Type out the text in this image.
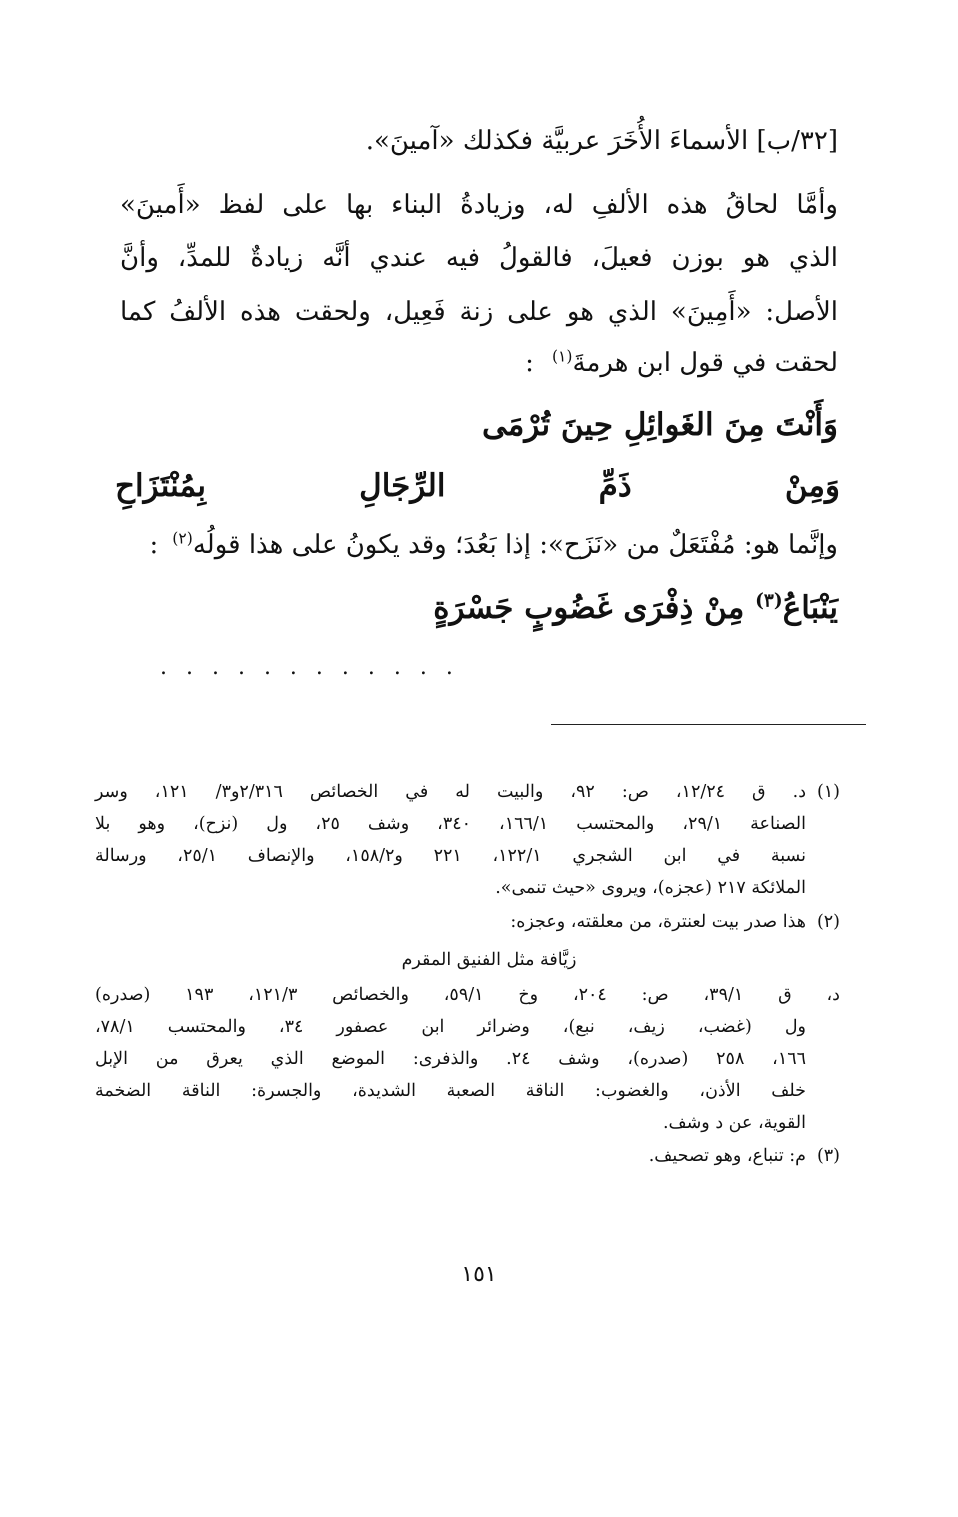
[٣٢/ب] الأسماءَ الأُخَرَ عربيَّة فكذلك «آمينَ».
وأمَّا لحاقُ هذه الألفِ له، وزيادةُ البناء بها على لفظ «أَمينَ»
الذي هو بوزن فعيلَ، فالقولُ فيه عندي أنَّه زيادةٌ للمدِّ، وأنَّ
الأصل: «أَمِينَ» الذي هو على زنة فَعِيل، ولحقت هذه الألفُ كما
لحقت في قول ابن هرمةَ$^{(١)}$:
وَأَنْتَ مِنَ الغَوائِلِ حِينَ تُرْمَى
وَمِنْ ذَمِّ الرِّجَالِ بِمُنْتَزَاحِ
وإنَّما هو: مُفْتَعَلٌ من «نَزَح»: إذا بَعُدَ؛ وقد يكونُ على هذا قولُه$^{(٢)}$:
يَنْبَاعُ$^{(٣)}$ مِنْ ذِفْرَى غَضُوبٍ جَسْرَةٍ
. . . . . . . . . . . .
(١)
د. ق ١٢/٢٤، ص: ٩٢، والبيت له في الخصائص ٢/٣١٦و٣/ ١٢١، وسر
الصناعة ٢٩/١، والمحتسب ١٦٦/١، ٣٤٠، وشف ٢٥، ول (نزح)، وهو بلا
نسبة في ابن الشجري ١٢٢/١، ٢٢١ و١٥٨/٢، والإنصاف ٢٥/١، ورسالة
الملائكة ٢١٧ (عجزه)، ويروى «حيث تنمى».
(٢)
هذا صدر بيت لعنترة، من معلقته، وعجزه:
زيَّافة مثل الفنيق المقرم
د، ق ٣٩/١، ص: ٢٠٤، وخ ٥٩/١، والخصائص ١٢١/٣، ١٩٣ (صدره)
ول (غضب، زيف، نبع)، وضرائر ابن عصفور ٣٤، والمحتسب ٧٨/١،
١٦٦، ٢٥٨ (صدره)، وشف ٢٤. والذفرى: الموضع الذي يعرق من الإبل
خلف الأذن، والغضوب: الناقة الصعبة الشديدة، والجسرة: الناقة الضخمة
القوية، عن د وشف.
(٣)
م: تنباع، وهو تصحيف.
١٥١
